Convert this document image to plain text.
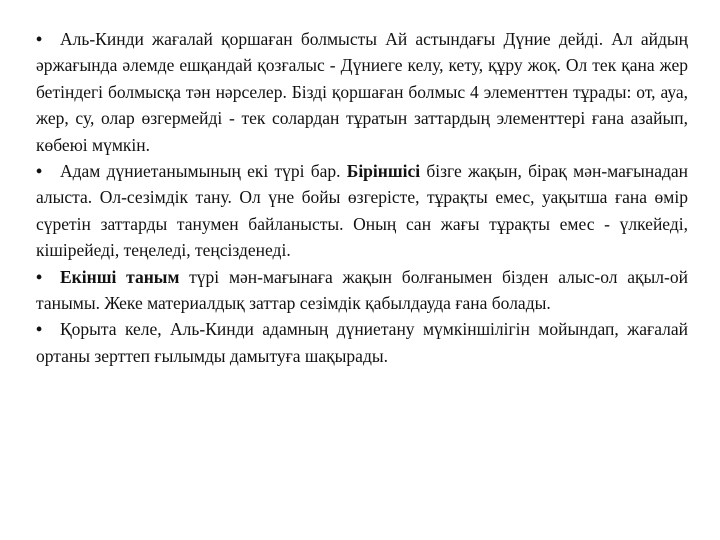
• Аль-Кинди жағалай қоршаған болмысты Ай астындағы Дүние дейді. Ал айдың әржағында әлемде ешқандай қозғалыс - Дүниеге келу, кету, құру жоқ. Ол тек қана жер бетіндегі болмысқа тән нәрселер. Бізді қоршаған болмыс 4 элементтен тұрады: от, ауа, жер, су, олар өзгермейді - тек солардан тұратын заттардың элементтері ғана азайып, көбеюі мүмкін.

• Адам дүниетанымының екі түрі бар. Біріншісі бізге жақын, бірақ мән-мағынадан алыста. Ол-сезімдік тану. Ол үне бойы өзгерісте, тұрақты емес, уақытша ғана өмір сүретін заттарды танумен байланысты. Оның сан жағы тұрақты емес - үлкейеді, кішірейеді, теңеледі, теңсізденеді.

• Екінші таным түрі мән-мағынаға жақын болғанымен бізден алыс-ол ақыл-ой танымы. Жеке материалдық заттар сезімдік қабылдауда ғана болады.

• Қорыта келе, Аль-Кинди адамның дүниетану мүмкіншілігін мойындап, жағалай ортаны зерттеп ғылымды дамытуға шақырады.
